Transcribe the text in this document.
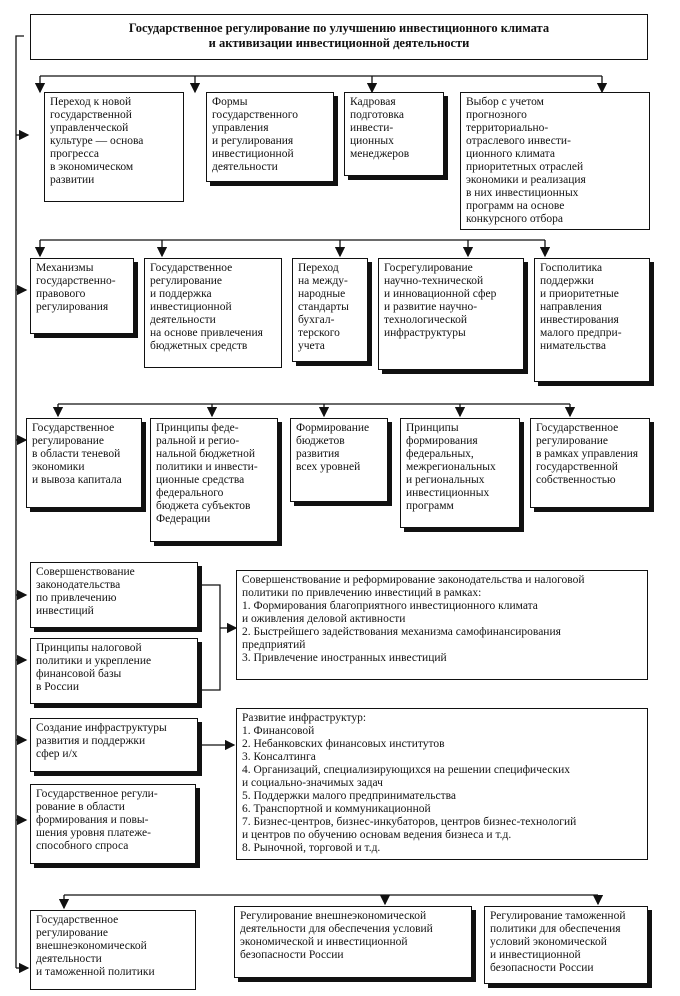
Государственное регулирование по улучшению инвестиционного климата
и активизации инвестиционной деятельности
Переход к новой
государственной
управленческой
культуре — основа
прогресса
в экономическом
развитии
Формы
государственного
управления
и регулирования
инвестиционной
деятельности
Кадровая
подготовка
инвести-
ционных
менеджеров
Выбор с учетом
прогнозного
территориально-
отраслевого инвести-
ционного климата
приоритетных отраслей
экономики и реализация
в них инвестиционных
программ на основе
конкурсного отбора
Механизмы
государственно-
правового
регулирования
Государственное
регулирование
и поддержка
инвестиционной
деятельности
на основе привлечения
бюджетных средств
Переход
на между-
народные
стандарты
бухгал-
терского
учета
Госрегулирование
научно-технической
и инновационной сфер
и развитие научно-
технологической
инфраструктуры
Госполитика
поддержки
и приоритетные
направления
инвестирования
малого предпри-
нимательства
Государственное
регулирование
в области теневой
экономики
и вывоза капитала
Принципы феде-
ральной и регио-
нальной бюджетной
политики и инвести-
ционные средства
федерального
бюджета субъектов
Федерации
Формирование
бюджетов
развития
всех уровней
Принципы
формирования
федеральных,
межрегиональных
и региональных
инвестиционных
программ
Государственное
регулирование
в рамках управления
государственной
собственностью
Совершенствование
законодательства
по привлечению
инвестиций
Принципы налоговой
политики и укрепление
финансовой базы
в России
Совершенствование и реформирование законодательства и налоговой
политики по привлечению инвестиций в рамках:
1. Формирования благоприятного инвестиционного климата
и оживления деловой активности
2. Быстрейшего задействования механизма самофинансирования
предприятий
3. Привлечение иностранных инвестиций
Создание инфраструктуры
развития и поддержки
сфер и/х
Государственное регули-
рование в области
формирования и повы-
шения уровня платеже-
способного спроса
Развитие инфраструктур:
1. Финансовой
2. Небанковских финансовых институтов
3. Консалтинга
4. Организаций, специализирующихся на решении специфических
и социально-значимых задач
5. Поддержки малого предпринимательства
6. Транспортной и коммуникационной
7. Бизнес-центров, бизнес-инкубаторов, центров бизнес-технологий
и центров по обучению основам ведения бизнеса и т.д.
8. Рыночной, торговой и т.д.
Государственное
регулирование
внешнеэкономической
деятельности
и таможенной политики
Регулирование внешнеэкономической
деятельности для обеспечения условий
экономической и инвестиционной
безопасности России
Регулирование таможенной
политики для обеспечения
условий экономической
и инвестиционной
безопасности России
